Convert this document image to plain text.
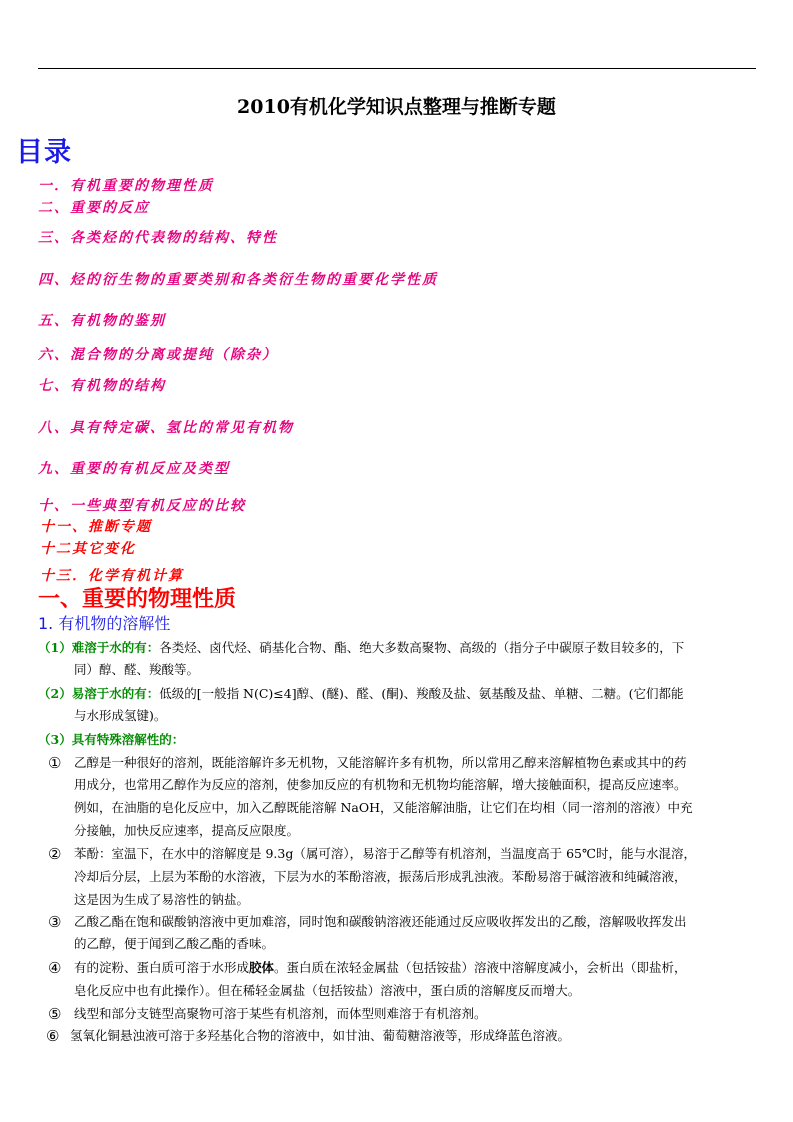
2010有机化学知识点整理与推断专题
目录
一．有机重要的物理性质
二、重要的反应
三、各类烃的代表物的结构、特性
四、烃的衍生物的重要类别和各类衍生物的重要化学性质
五、有机物的鉴别
六、混合物的分离或提纯（除杂）
七、有机物的结构
八、具有特定碳、氢比的常见有机物
九、重要的有机反应及类型
十、一些典型有机反应的比较
十一、推断专题
十二其它变化
十三．化学有机计算
一、重要的物理性质
1. 有机物的溶解性
（1）难溶于水的有：各类烃、卤代烃、硝基化合物、酯、绝大多数高聚物、高级的（指分子中碳原子数目较多的，下
同）醇、醛、羧酸等。
（2）易溶于水的有：低级的[一般指 N(C)≤4]醇、(醚)、醛、(酮)、羧酸及盐、氨基酸及盐、单糖、二糖。(它们都能
与水形成氢键)。
（3）具有特殊溶解性的：
① 乙醇是一种很好的溶剂，既能溶解许多无机物，又能溶解许多有机物，所以常用乙醇来溶解植物色素或其中的药
用成分，也常用乙醇作为反应的溶剂，使参加反应的有机物和无机物均能溶解，增大接触面积，提高反应速率。
例如，在油脂的皂化反应中，加入乙醇既能溶解 NaOH，又能溶解油脂，让它们在均相（同一溶剂的溶液）中充
分接触，加快反应速率，提高反应限度。
② 苯酚：室温下，在水中的溶解度是 9.3g（属可溶），易溶于乙醇等有机溶剂，当温度高于 65℃时，能与水混溶，
冷却后分层，上层为苯酚的水溶液，下层为水的苯酚溶液，振荡后形成乳浊液。苯酚易溶于碱溶液和纯碱溶液，
这是因为生成了易溶性的钠盐。
③ 乙酸乙酯在饱和碳酸钠溶液中更加难溶，同时饱和碳酸钠溶液还能通过反应吸收挥发出的乙酸，溶解吸收挥发出
的乙醇，便于闻到乙酸乙酯的香味。
④ 有的淀粉、蛋白质可溶于水形成胶体。蛋白质在浓轻金属盐（包括铵盐）溶液中溶解度减小，会析出（即盐析，
皂化反应中也有此操作）。但在稀轻金属盐（包括铵盐）溶液中，蛋白质的溶解度反而增大。
⑤ 线型和部分支链型高聚物可溶于某些有机溶剂，而体型则难溶于有机溶剂。
⑥ 氢氧化铜悬浊液可溶于多羟基化合物的溶液中，如甘油、葡萄糖溶液等，形成绛蓝色溶液。
